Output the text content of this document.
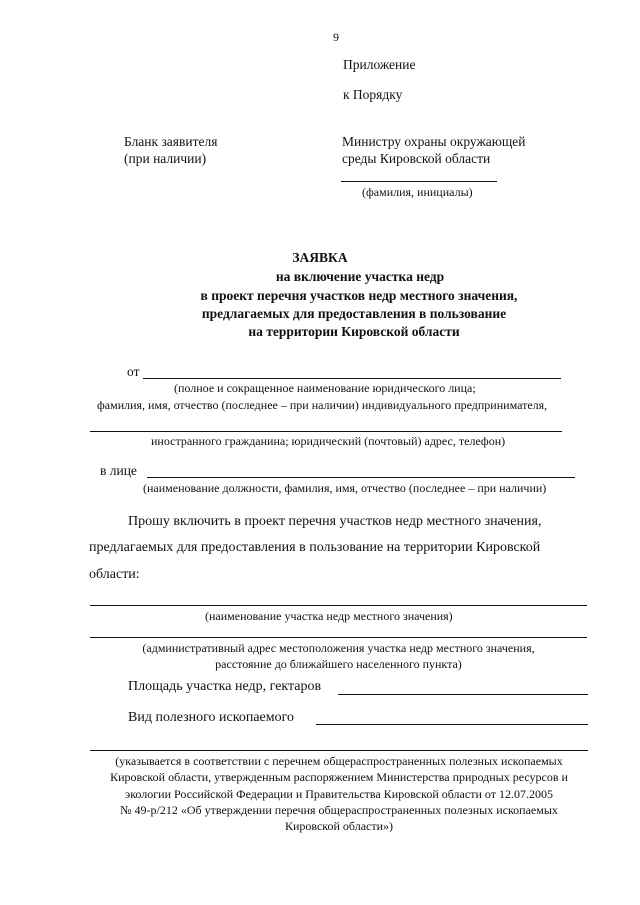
9
Приложение
к Порядку
Бланк заявителя
(при наличии)
Министру охраны окружающей
среды Кировской области
(фамилия, инициалы)
ЗАЯВКА
на включение участка недр
в проект перечня участков недр местного значения,
предлагаемых для предоставления в пользование
на территории Кировской области
от
(полное и сокращенное наименование юридического лица;
фамилия, имя, отчество (последнее – при наличии) индивидуального предпринимателя,
иностранного гражданина; юридический (почтовый) адрес, телефон)
в лице
(наименование должности, фамилия, имя, отчество (последнее – при наличии)
Прошу включить в проект перечня участков недр местного значения,
предлагаемых для предоставления в пользование на территории Кировской
области:
(наименование участка недр местного значения)
(административный адрес местоположения участка недр местного значения,
расстояние до ближайшего населенного пункта)
Площадь участка недр, гектаров
Вид полезного ископаемого
(указывается в соответствии с перечнем общераспространенных полезных ископаемых
Кировской области, утвержденным распоряжением Министерства природных ресурсов и
экологии Российской Федерации и Правительства Кировской области от 12.07.2005
№ 49-р/212 «Об утверждении перечня общераспространенных полезных ископаемых
Кировской области»)
